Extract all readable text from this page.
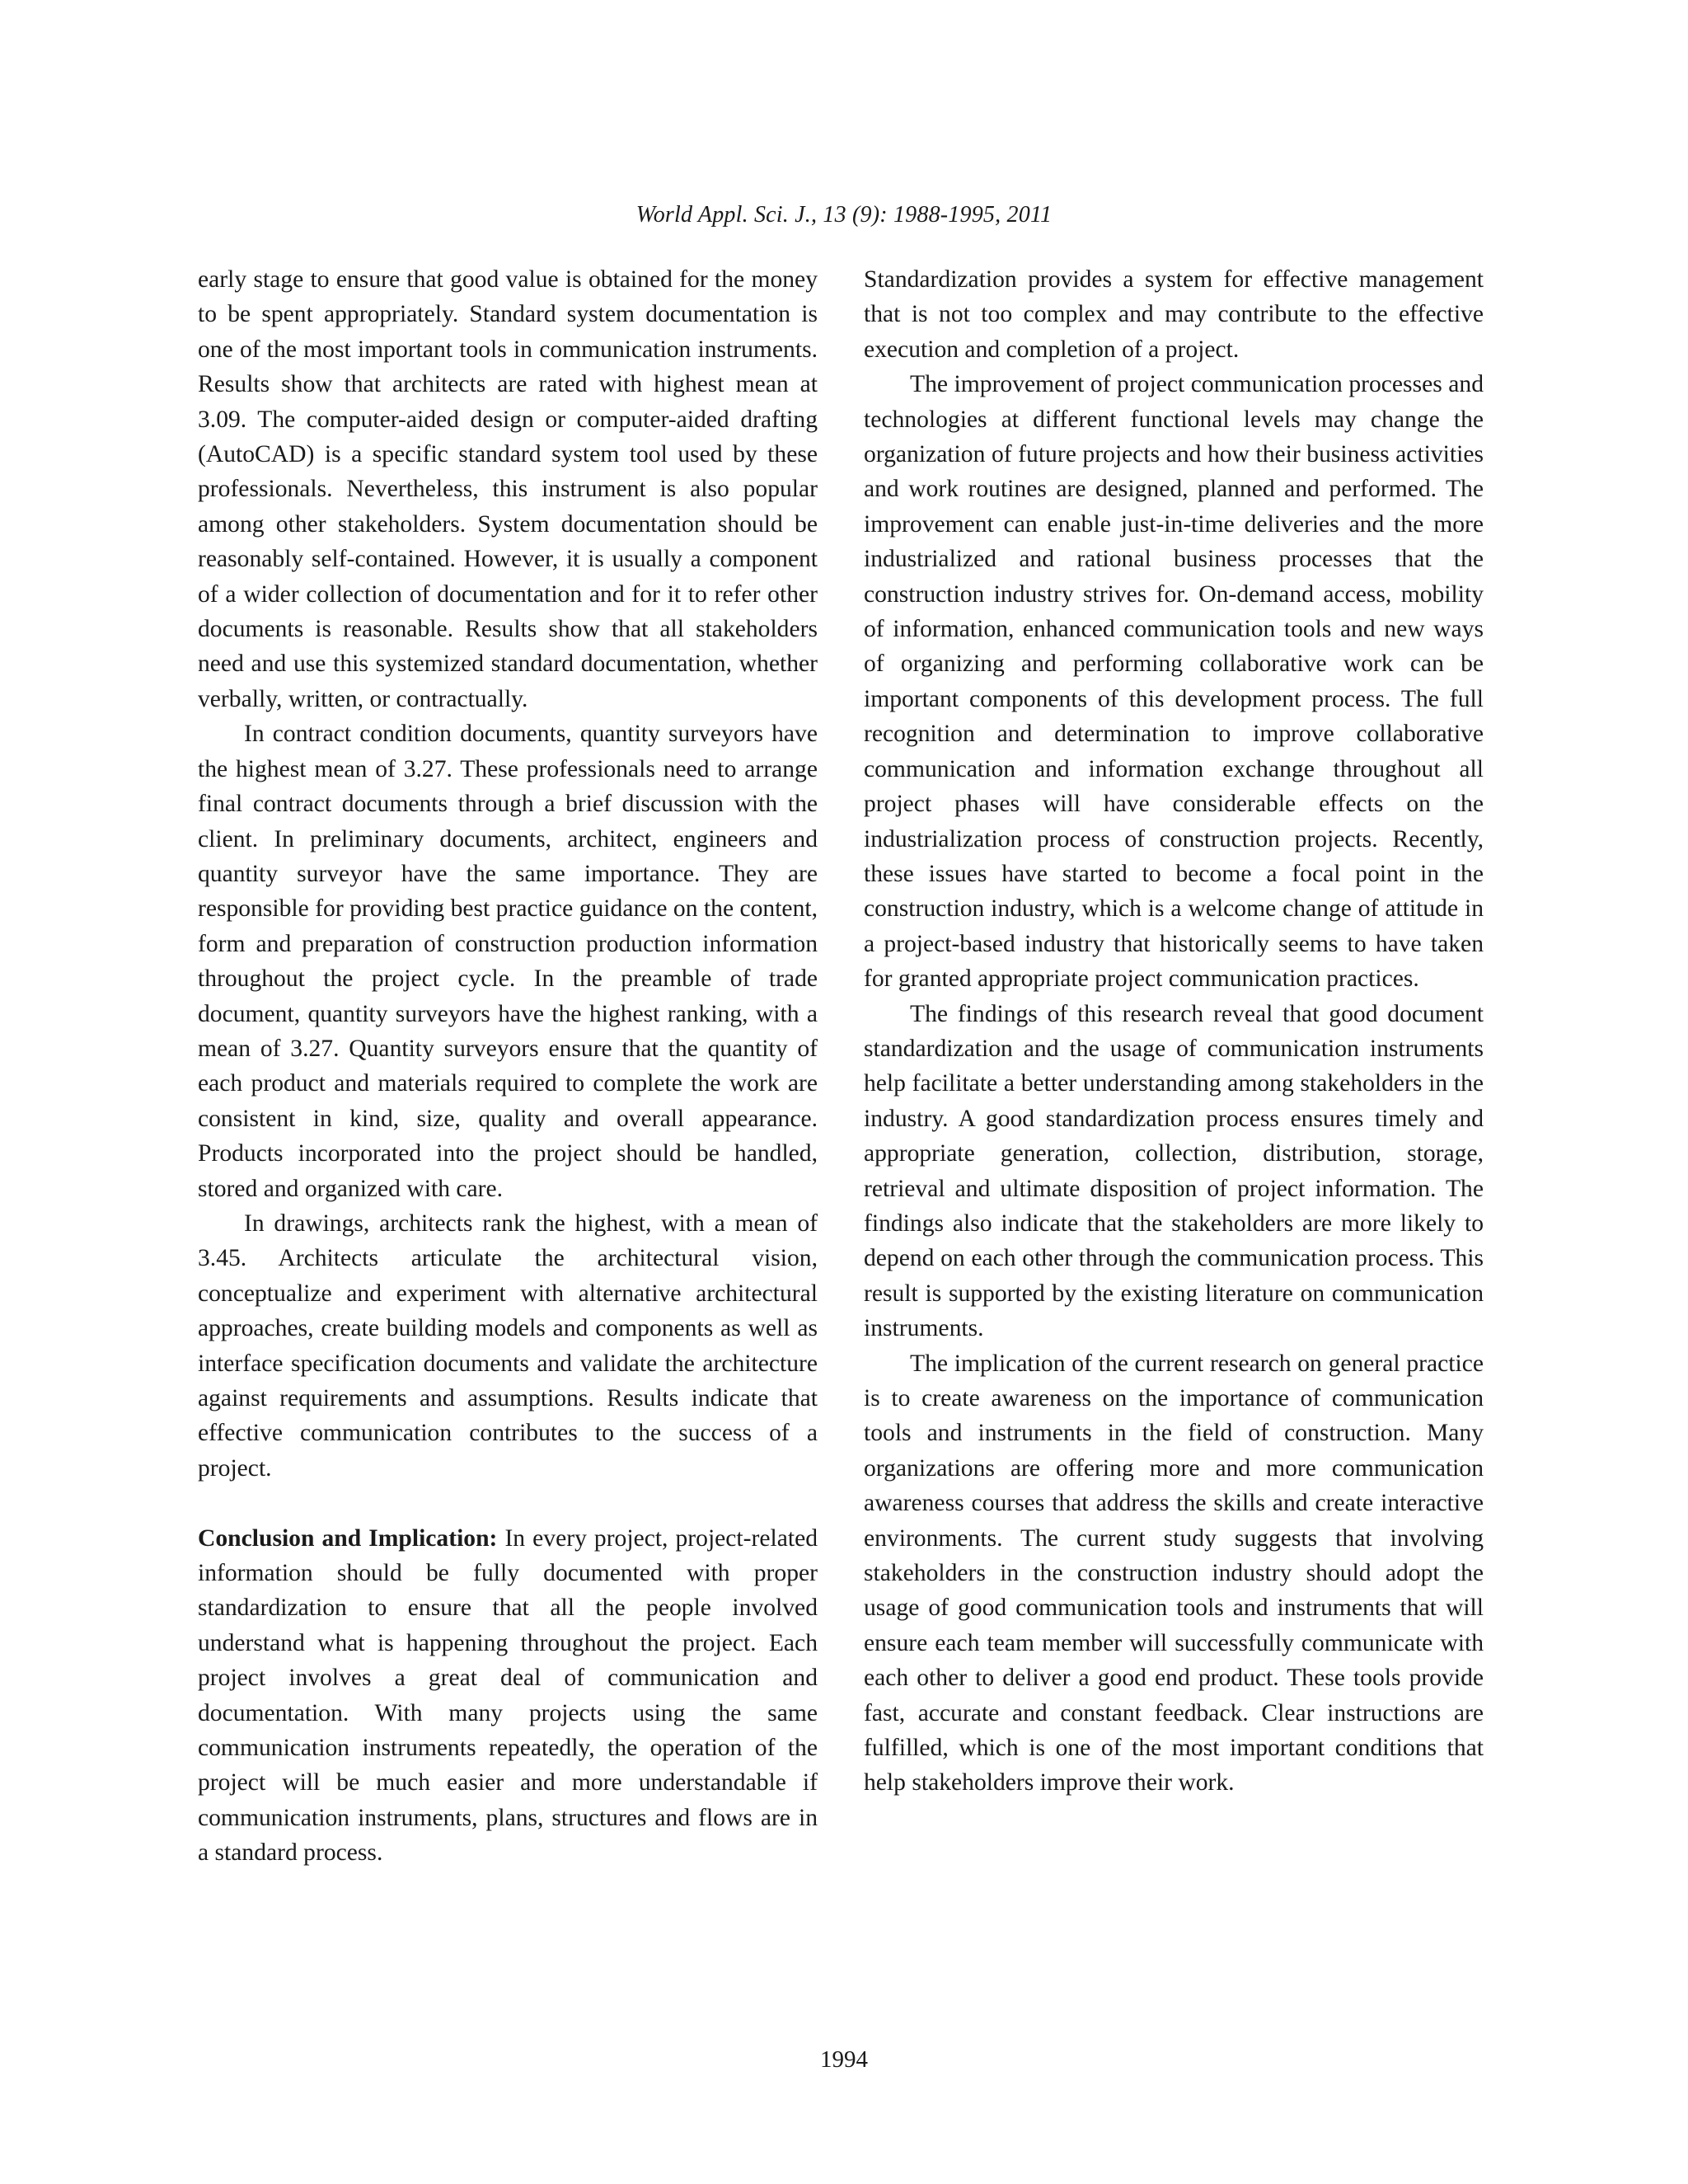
World Appl. Sci. J., 13 (9): 1988-1995, 2011

early stage to ensure that good value is obtained for the money to be spent appropriately. Standard system documentation is one of the most important tools in communication instruments. Results show that architects are rated with highest mean at 3.09. The computer-aided design or computer-aided drafting (AutoCAD) is a specific standard system tool used by these professionals. Nevertheless, this instrument is also popular among other stakeholders. System documentation should be reasonably self-contained. However, it is usually a component of a wider collection of documentation and for it to refer other documents is reasonable. Results show that all stakeholders need and use this systemized standard documentation, whether verbally, written, or contractually.

In contract condition documents, quantity surveyors have the highest mean of 3.27. These professionals need to arrange final contract documents through a brief discussion with the client. In preliminary documents, architect, engineers and quantity surveyor have the same importance. They are responsible for providing best practice guidance on the content, form and preparation of construction production information throughout the project cycle. In the preamble of trade document, quantity surveyors have the highest ranking, with a mean of 3.27. Quantity surveyors ensure that the quantity of each product and materials required to complete the work are consistent in kind, size, quality and overall appearance. Products incorporated into the project should be handled, stored and organized with care.

In drawings, architects rank the highest, with a mean of 3.45. Architects articulate the architectural vision, conceptualize and experiment with alternative architectural approaches, create building models and components as well as interface specification documents and validate the architecture against requirements and assumptions. Results indicate that effective communication contributes to the success of a project.

Conclusion and Implication: In every project, project-related information should be fully documented with proper standardization to ensure that all the people involved understand what is happening throughout the project. Each project involves a great deal of communication and documentation. With many projects using the same communication instruments repeatedly, the operation of the project will be much easier and more understandable if communication instruments, plans, structures and flows are in a standard process.

Standardization provides a system for effective management that is not too complex and may contribute to the effective execution and completion of a project.

The improvement of project communication processes and technologies at different functional levels may change the organization of future projects and how their business activities and work routines are designed, planned and performed. The improvement can enable just-in-time deliveries and the more industrialized and rational business processes that the construction industry strives for. On-demand access, mobility of information, enhanced communication tools and new ways of organizing and performing collaborative work can be important components of this development process. The full recognition and determination to improve collaborative communication and information exchange throughout all project phases will have considerable effects on the industrialization process of construction projects. Recently, these issues have started to become a focal point in the construction industry, which is a welcome change of attitude in a project-based industry that historically seems to have taken for granted appropriate project communication practices.

The findings of this research reveal that good document standardization and the usage of communication instruments help facilitate a better understanding among stakeholders in the industry. A good standardization process ensures timely and appropriate generation, collection, distribution, storage, retrieval and ultimate disposition of project information. The findings also indicate that the stakeholders are more likely to depend on each other through the communication process. This result is supported by the existing literature on communication instruments.

The implication of the current research on general practice is to create awareness on the importance of communication tools and instruments in the field of construction. Many organizations are offering more and more communication awareness courses that address the skills and create interactive environments. The current study suggests that involving stakeholders in the construction industry should adopt the usage of good communication tools and instruments that will ensure each team member will successfully communicate with each other to deliver a good end product. These tools provide fast, accurate and constant feedback. Clear instructions are fulfilled, which is one of the most important conditions that help stakeholders improve their work.

1994
